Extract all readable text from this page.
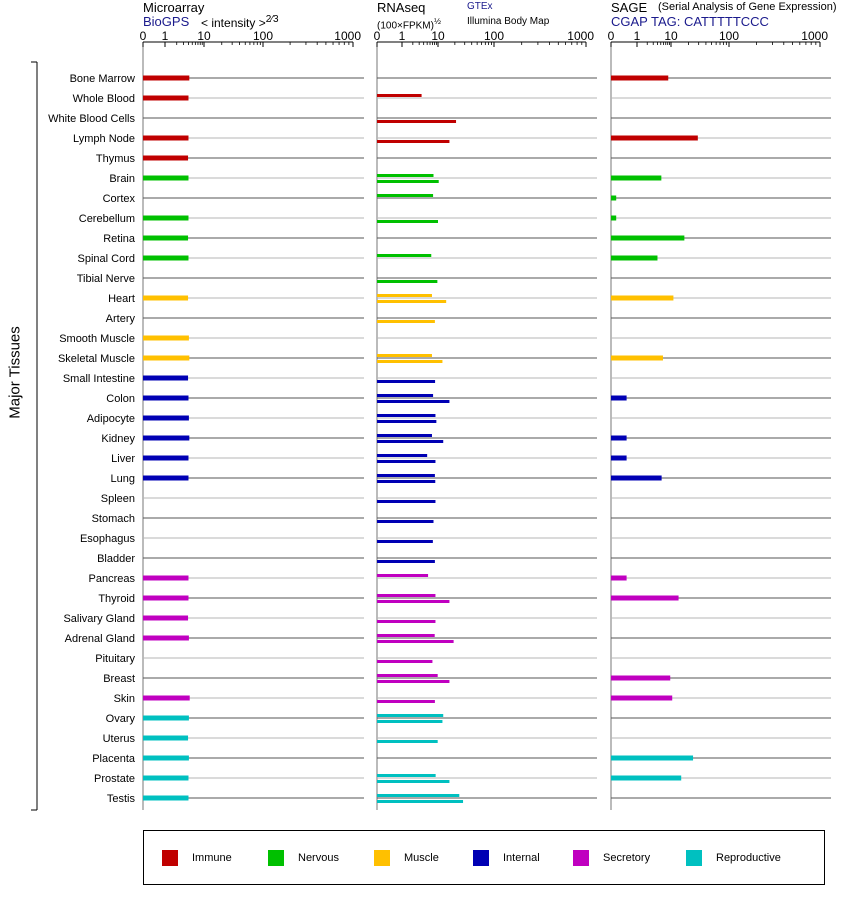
0 1 10	100	1000 0 1 10	100	1000 0 1 10	100	1000
Bone Marrow
Whole Blood
White Blood Cells
Lymph Node
Thymus
Brain
Cortex
Cerebellum
Retina
Spinal Cord
Tibial Nerve
Heart
Artery
Smooth Muscle
Skeletal Muscle
Small Intestine
Colon
Adipocyte
Kidney
Liver
Lung
Spleen
Stomach
Esophagus
Bladder
Pancreas
Thyroid
Salivary Gland
Adrenal Gland
Pituitary
Breast
Skin
Ovary
Uterus
Placenta
Prostate
Testis
Microarray
BioGPS < intensity >$^{2⁄3}$
RNAseq
(100×FPKM)$^{\frac{1}{2}}$
GTEx
Illumina Body Map
SAGE (Serial Analysis of Gene Expression)
CGAP TAG: CATTTTTCCC
Major Tissues
Immune	Nervous	Muscle	Internal	Secretory	Reproductive
